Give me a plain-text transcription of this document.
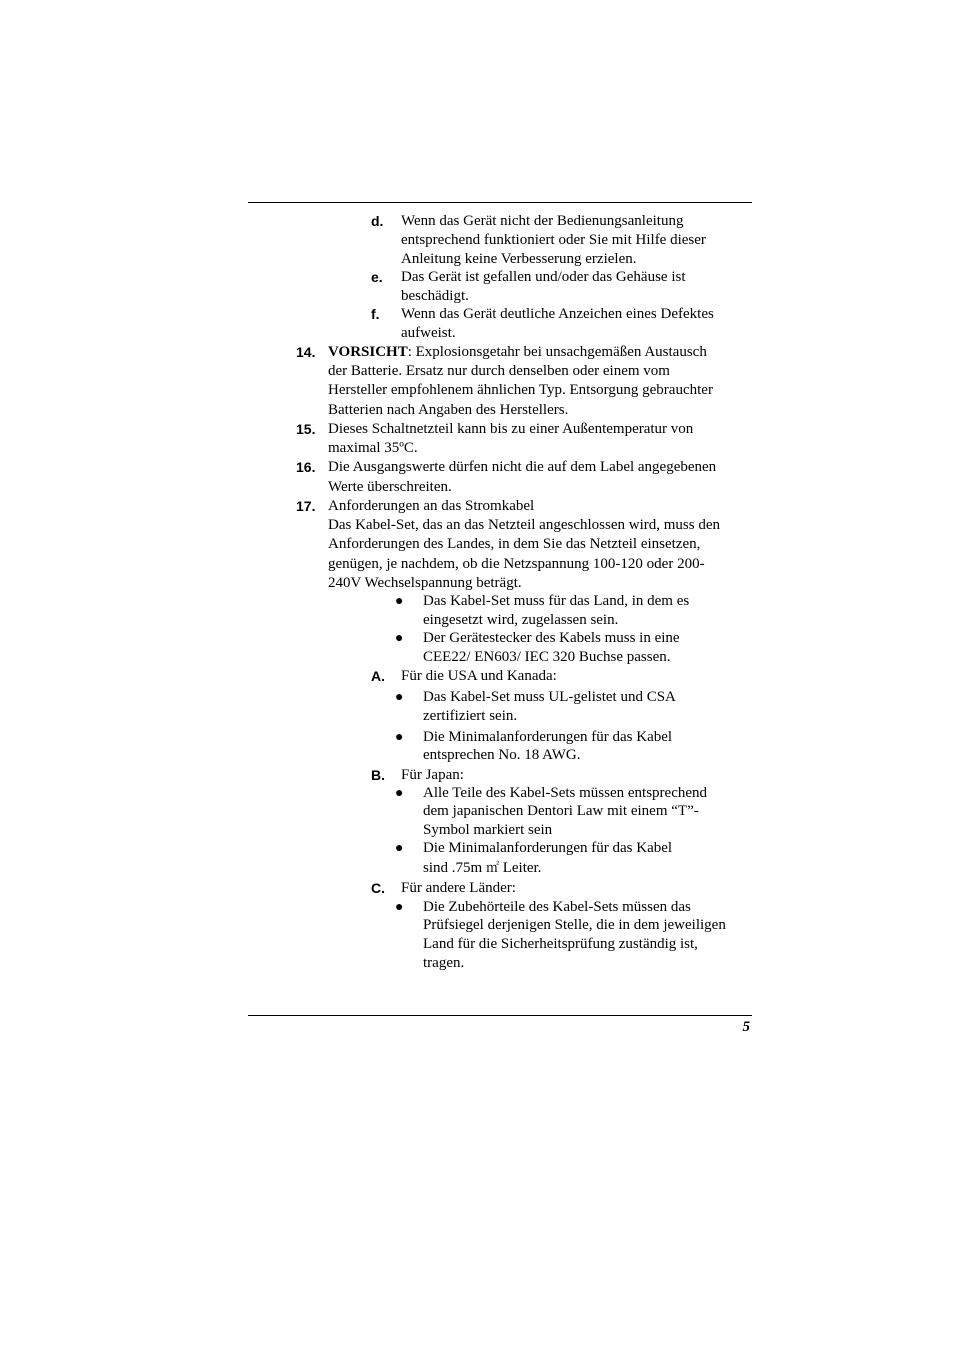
d. Wenn das Gerät nicht der Bedienungsanleitung
entsprechend funktioniert oder Sie mit Hilfe dieser
Anleitung keine Verbesserung erzielen.
e. Das Gerät ist gefallen und/oder das Gehäuse ist
beschädigt.
f. Wenn das Gerät deutliche Anzeichen eines Defektes
aufweist.
14. VORSICHT: Explosionsgetahr bei unsachgemäßen Austausch
der Batterie. Ersatz nur durch denselben oder einem vom
Hersteller empfohlenem ähnlichen Typ. Entsorgung gebrauchter
Batterien nach Angaben des Herstellers.
15. Dieses Schaltnetzteil kann bis zu einer Außentemperatur von
maximal 35ºC.
16. Die Ausgangswerte dürfen nicht die auf dem Label angegebenen
Werte überschreiten.
17. Anforderungen an das Stromkabel
Das Kabel-Set, das an das Netzteil angeschlossen wird, muss den
Anforderungen des Landes, in dem Sie das Netzteil einsetzen,
genügen, je nachdem, ob die Netzspannung 100-120 oder 200-
240V Wechselspannung beträgt.
● Das Kabel-Set muss für das Land, in dem es
eingesetzt wird, zugelassen sein.
● Der Gerätestecker des Kabels muss in eine
CEE22/ EN603/ IEC 320 Buchse passen.
A. Für die USA und Kanada:
● Das Kabel-Set muss UL-gelistet und CSA
zertifiziert sein.
● Die Minimalanforderungen für das Kabel
entsprechen No. 18 AWG.
B. Für Japan:
● Alle Teile des Kabel-Sets müssen entsprechend
dem japanischen Dentori Law mit einem “T”-
Symbol markiert sein
● Die Minimalanforderungen für das Kabel
sind .75m ㎡ Leiter.
C. Für andere Länder:
● Die Zubehörteile des Kabel-Sets müssen das
Prüfsiegel derjenigen Stelle, die in dem jeweiligen
Land für die Sicherheitsprüfung zuständig ist,
tragen.
5
